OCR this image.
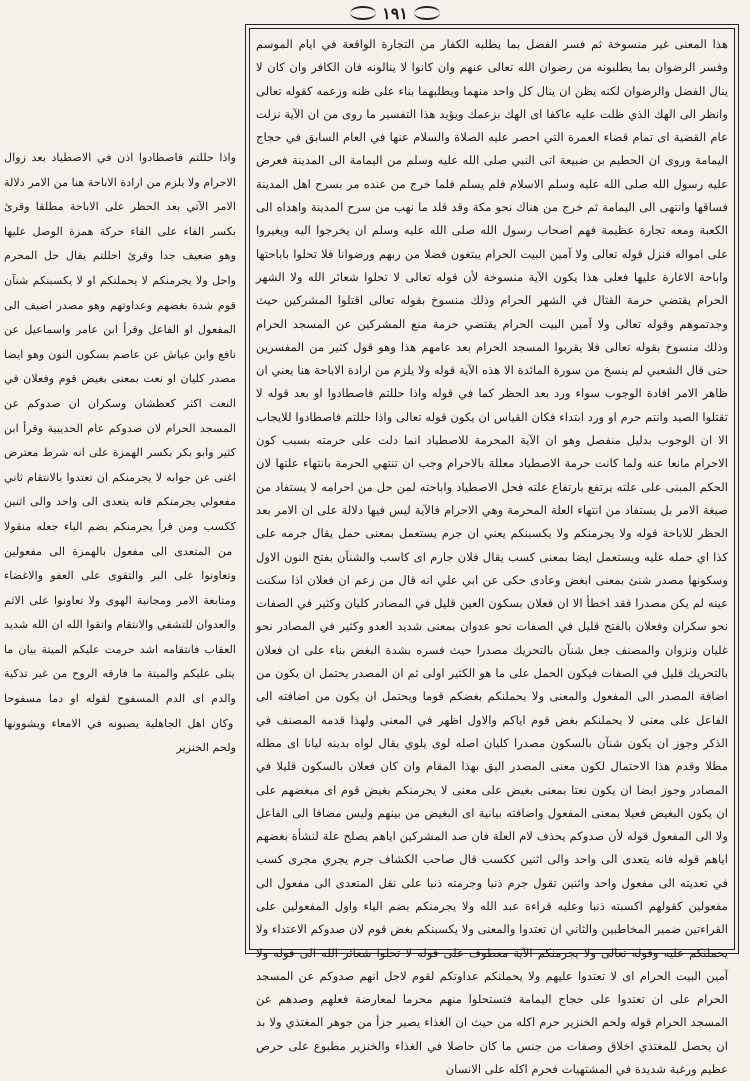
١٩١
هذا المعنى غير منسوخة ثم فسر الفضل بما يطلبه الكفار من التجارة الواقعة في ايام الموسم وفسر الرضوان بما يطلبونه من رضوان الله تعالى عنهم وان كانوا لا ينالونه فان الكافر وان كان لا ينال الفضل والرضوان لكنه يظن ان ينال كل واحد منهما ويطلبهما بناء على ظنه وزعمه كقوله تعالى وانظر الى الهك الذي ظلت عليه عاكفا اى الهك بزعمك ويؤيد هذا التفسير ما روى من ان الآية نزلت عام القضية اى تمام قضاء العمرة التي احصر عليه الصلاة والسلام عنها في العام السابق في حجاج اليمامة وروى ان الحطيم بن ضبيعة اتى النبي صلى الله عليه وسلم من اليمامة الى المدينة فعرض عليه رسول الله صلى الله عليه وسلم الاسلام فلم يسلم فلما خرج من عنده مر بسرح اهل المدينة فساقها وانتهى الى اليمامة ثم خرج من هناك نحو مكة وقد قلد ما نهب من سرح المدينة واهداه الى الكعبة ومعه تجارة عظيمة فهم اصحاب رسول الله صلى الله عليه وسلم ان يخرجوا اليه ويغيروا على امواله فنزل قوله تعالى ولا آمين البيت الحرام يبتغون فضلا من ربهم ورضوانا فلا تحلوا باباحتها واباحة الاغارة عليها فعلى هذا يكون الآية منسوخة لأن قوله تعالى لا تحلوا شعائر الله ولا الشهر الحرام يقتضي حرمة القتال في الشهر الحرام وذلك منسوخ بقوله تعالى اقتلوا المشركين حيث وجدتموهم وقوله تعالى ولا آمين البيت الحرام يقتضي حرمة منع المشركين عن المسجد الحرام وذلك منسوخ بقوله تعالى فلا يقربوا المسجد الحرام بعد عامهم هذا وهو قول كثير من المفسرين حتى قال الشعبي لم ينسخ من سورة المائدة الا هذه الآية قوله ولا يلزم من ارادة الاباحة هنا يعني ان ظاهر الامر افادة الوجوب سواء ورد بعد الحظر كما في قوله واذا حللتم فاصطادوا او بعد قوله لا تقتلوا الصيد وانتم حرم او ورد ابتداء فكان القياس ان يكون قوله تعالى واذا حللتم فاصطادوا للايجاب الا ان الوجوب بدليل منفصل وهو ان الآية المحرمة للاصطياد انما دلت على حرمته بسبب كون الاحرام مانعا عنه ولما كانت حرمة الاصطياد معللة بالاحرام وجب ان تنتهي الحرمة بانتهاء علتها لان الحكم المبنى على علته يرتفع بارتفاع علته فحل الاصطياد واباحته لمن حل من احرامه لا يستفاد من صيغة الامر بل يستفاد من انتهاء العلة المحرمة وهي الاحرام فالآية ليس فيها دلالة على ان الامر بعد الحظر للاباحة قوله ولا يجرمنكم ولا يكسبنكم يعني ان جرم يستعمل بمعنى حمل يقال جرمه على كذا اي حمله عليه ويستعمل ايضا بمعنى كسب يقال فلان جارم اى كاسب والشنآن بفتح النون الاول وسكونها مصدر شنئ بمعنى ابغض وعادى حكى عن ابي علي انه قال من زعم ان فعلان اذا سكنت عينه لم يكن مصدرا فقد اخطأ الا ان فعلان بسكون العين قليل في المصادر كليان وكثير في الصفات نحو سكران وفعلان بالفتح قليل في الصفات نحو عدوان بمعنى شديد العدو وكثير في المصادر نحو غليان ونزوان والمصنف جعل شنآن بالتحريك مصدرا حيث فسره بشدة البغض بناء على ان فعلان بالتحريك قليل في الصفات فيكون الحمل على ما هو الكثير اولى ثم ان المصدر يحتمل ان يكون من اضافة المصدر الى المفعول والمعنى ولا يحملنكم بغضكم قوما ويحتمل ان يكون من اضافته الى الفاعل على معنى لا يحملنكم بغض قوم اياكم والاول اظهر في المعنى ولهذا قدمه المصنف في الذكر وجوز ان يكون شنآن بالسكون مصدرا كليان اصله لوى يلوي يقال لواه بدينه ليانا اى مطله مطلا وقدم هذا الاحتمال لكون معنى المصدر اليق بهذا المقام وان كان فعلان بالسكون قليلا في المصادر وجوز ايضا ان يكون نعتا بمعنى بغيض على معنى لا يجرمنكم بغيض قوم اى مبغضهم على ان يكون البغيض فعيلا بمعنى المفعول واضافته بيانية اى البغيض من بينهم وليس مضافا الى الفاعل ولا الى المفعول قوله لأن صدوكم يحذف لام العلة فان صد المشركين اياهم يصلح علة لنشأة بغضهم اياهم قوله فانه يتعدى الى واحد والى اثنين ككسب قال صاحب الكشاف جرم يجري مجرى كسب في تعديته الى مفعول واحد واثنين تقول جرم ذنبا وجرمته ذنبا على نقل المتعدى الى مفعول الى مفعولين كقولهم اكسبته ذنبا وعليه قراءة عبد الله ولا يجرمنكم بضم الياء واول المفعولين على القراءتين ضمير المخاطبين والثاني ان تعتدوا والمعنى ولا يكسبنكم بغض قوم لان صدوكم الاعتداء ولا يحملنكم عليه وقوله تعالى ولا يجرمنكم الآية معطوف على قوله لا تحلوا شعائر الله الى قوله ولا آمين البيت الحرام اى لا تعتدوا عليهم ولا يحملنكم عداوتكم لقوم لاجل انهم صدوكم عن المسجد الحرام على ان تعتدوا على حجاج اليمامة فتستحلوا منهم محرما لمعارضة فعلهم وصدهم عن المسجد الحرام قوله ولحم الخنزير حرم اكله من حيث ان الغذاء يصير جزأ من جوهر المغتذي ولا بد ان يحصل للمغتذي اخلاق وصفات من جنس ما كان حاصلا في الغذاء والخنزير مطبوع على حرص عظيم ورغبة شديدة في المشتهيات فحرم اكله على الانسان
واذا حللتم فاصطادوا اذن في الاصطياد بعد زوال الاحرام ولا يلزم من ارادة الاباحة هنا من الامر دلالة الامر الآتي بعد الحظر على الاباحة مطلقا وقرئ بكسر الفاء على القاء حركة همزة الوصل عليها وهو ضعيف جدا وقرئ احللتم يقال حل المحرم واحل ولا يجرمنكم لا يحملنكم او لا يكسبنكم شنآن قوم شدة بغضهم وعداوتهم وهو مصدر اضيف الى المفعول او الفاعل وقرأ ابن عامر واسماعيل عن نافع وابن عياش عن عاصم بسكون النون وهو ايضا مصدر كليان او نعت بمعنى بغيض قوم وفعلان في النعت اكثر كعطشان وسكران ان صدوكم عن المسجد الحرام لان صدوكم عام الحديبية وقرأ ابن كثير وابو بكر بكسر الهمزة على انه شرط معترض اغنى عن جوابه لا يجرمنكم ان تعتدوا بالانتقام ثاني مفعولي يجرمنكم فانه يتعدى الى واحد والى اثنين ككسب ومن قرأ يجرمنكم بضم الياء جعله منقولا من المتعدى الى مفعول بالهمزة الى مفعولين وتعاونوا على البر والتقوى على العفو والاغضاء ومتابعة الامر ومجانبة الهوى ولا تعاونوا على الاثم والعدوان للتشفي والانتقام واتقوا الله ان الله شديد العقاب فانتقامه اشد حرمت عليكم الميتة بيان ما يتلى عليكم والميتة ما فارقه الروح من غير تذكية والدم اى الدم المسفوح لقوله او دما مسفوحا وكان اهل الجاهلية يصبونه في الامعاء ويشوونها ولحم الخنزير
